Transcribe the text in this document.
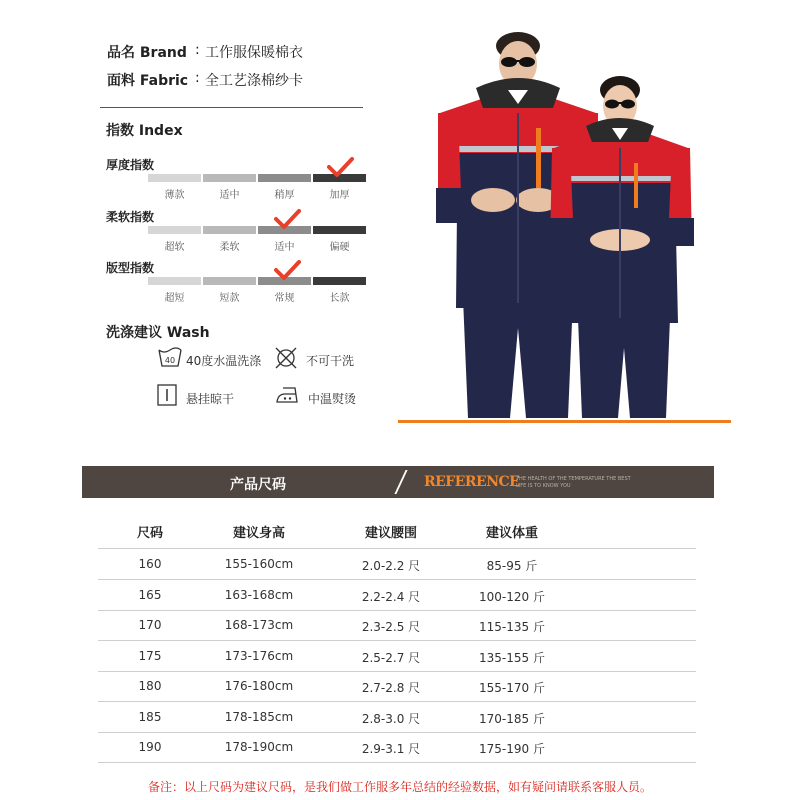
品名 Brand : 工作服保暖棉衣
面料 Fabric : 全工艺涤棉纱卡
指数 Index
厚度指数
薄款	适中	稍厚	加厚
柔软指数
超软	柔软	适中	偏硬
版型指数
超短	短款	常规	长款
洗涤建议 Wash
40 40度水温洗涤	不可干洗
悬挂晾干	中温熨烫
产品尺码	REFERENCE
THE HEALTH OF THE TEMPERATURE THE BEST LIFE IS TO KNOW YOU
尺码	建议身高	建议腰围	建议体重
160	155-160cm	2.0-2.2 尺	85-95 斤
165	163-168cm	2.2-2.4 尺	100-120 斤
170	168-173cm	2.3-2.5 尺	115-135 斤
175	173-176cm	2.5-2.7 尺	135-155 斤
180	176-180cm	2.7-2.8 尺	155-170 斤
185	178-185cm	2.8-3.0 尺	170-185 斤
190	178-190cm	2.9-3.1 尺	175-190 斤
备注：以上尺码为建议尺码，是我们做工作服多年总结的经验数据，如有疑问请联系客服人员。
